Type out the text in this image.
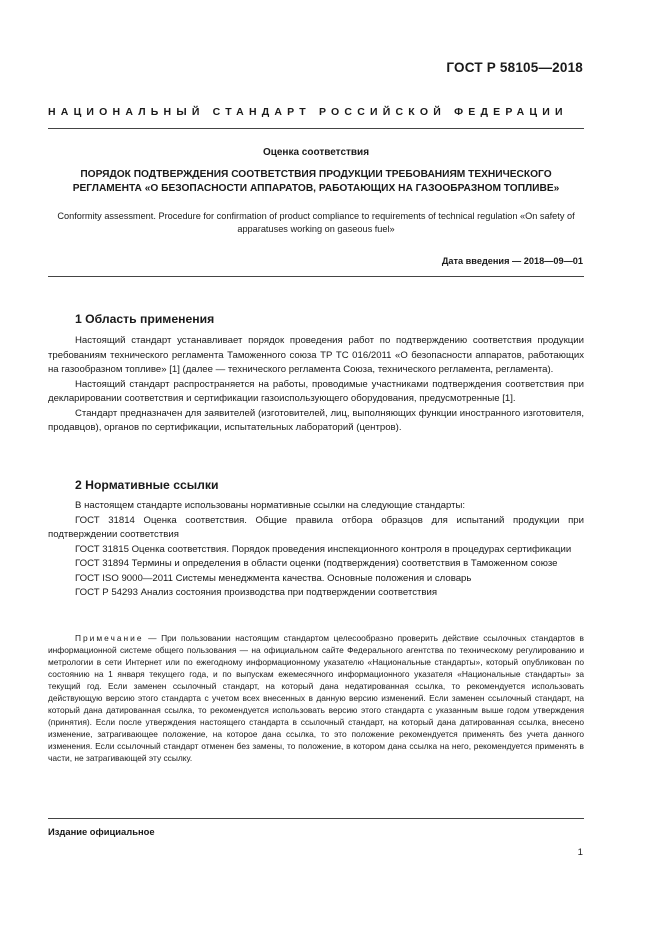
ГОСТ Р 58105—2018
НАЦИОНАЛЬНЫЙ СТАНДАРТ РОССИЙСКОЙ ФЕДЕРАЦИИ
Оценка соответствия
ПОРЯДОК ПОДТВЕРЖДЕНИЯ СООТВЕТСТВИЯ ПРОДУКЦИИ ТРЕБОВАНИЯМ ТЕХНИЧЕСКОГО РЕГЛАМЕНТА «О БЕЗОПАСНОСТИ АППАРАТОВ, РАБОТАЮЩИХ НА ГАЗООБРАЗНОМ ТОПЛИВЕ»
Conformity assessment. Procedure for confirmation of product compliance to requirements of technical regulation «On safety of apparatuses working on gaseous fuel»
Дата введения — 2018—09—01
1 Область применения

Настоящий стандарт устанавливает порядок проведения работ по подтверждению соответствия продукции требованиям технического регламента Таможенного союза ТР ТС 016/2011 «О безопасности аппаратов, работающих на газообразном топливе» [1] (далее — технического регламента Союза, технического регламента, регламента).

Настоящий стандарт распространяется на работы, проводимые участниками подтверждения соответствия при декларировании соответствия и сертификации газоиспользующего оборудования, предусмотренные [1].

Стандарт предназначен для заявителей (изготовителей, лиц, выполняющих функции иностранного изготовителя, продавцов), органов по сертификации, испытательных лабораторий (центров).

2 Нормативные ссылки

В настоящем стандарте использованы нормативные ссылки на следующие стандарты:

ГОСТ 31814 Оценка соответствия. Общие правила отбора образцов для испытаний продукции при подтверждении соответствия

ГОСТ 31815 Оценка соответствия. Порядок проведения инспекционного контроля в процедурах сертификации

ГОСТ 31894 Термины и определения в области оценки (подтверждения) соответствия в Таможенном союзе

ГОСТ ISO 9000—2011 Системы менеджмента качества. Основные положения и словарь

ГОСТ Р 54293 Анализ состояния производства при подтверждении соответствия

Примечание — При пользовании настоящим стандартом целесообразно проверить действие ссылочных стандартов в информационной системе общего пользования — на официальном сайте Федерального агентства по техническому регулированию и метрологии в сети Интернет или по ежегодному информационному указателю «Национальные стандарты», который опубликован по состоянию на 1 января текущего года, и по выпускам ежемесячного информационного указателя «Национальные стандарты» за текущий год. Если заменен ссылочный стандарт, на который дана недатированная ссылка, то рекомендуется использовать действующую версию этого стандарта с учетом всех внесенных в данную версию изменений. Если заменен ссылочный стандарт, на который дана датированная ссылка, то рекомендуется использовать версию этого стандарта с указанным выше годом утверждения (принятия). Если после утверждения настоящего стандарта в ссылочный стандарт, на который дана датированная ссылка, внесено изменение, затрагивающее положение, на которое дана ссылка, то это положение рекомендуется применять без учета данного изменения. Если ссылочный стандарт отменен без замены, то положение, в котором дана ссылка на него, рекомендуется применять в части, не затрагивающей эту ссылку.
Издание официальное
1
